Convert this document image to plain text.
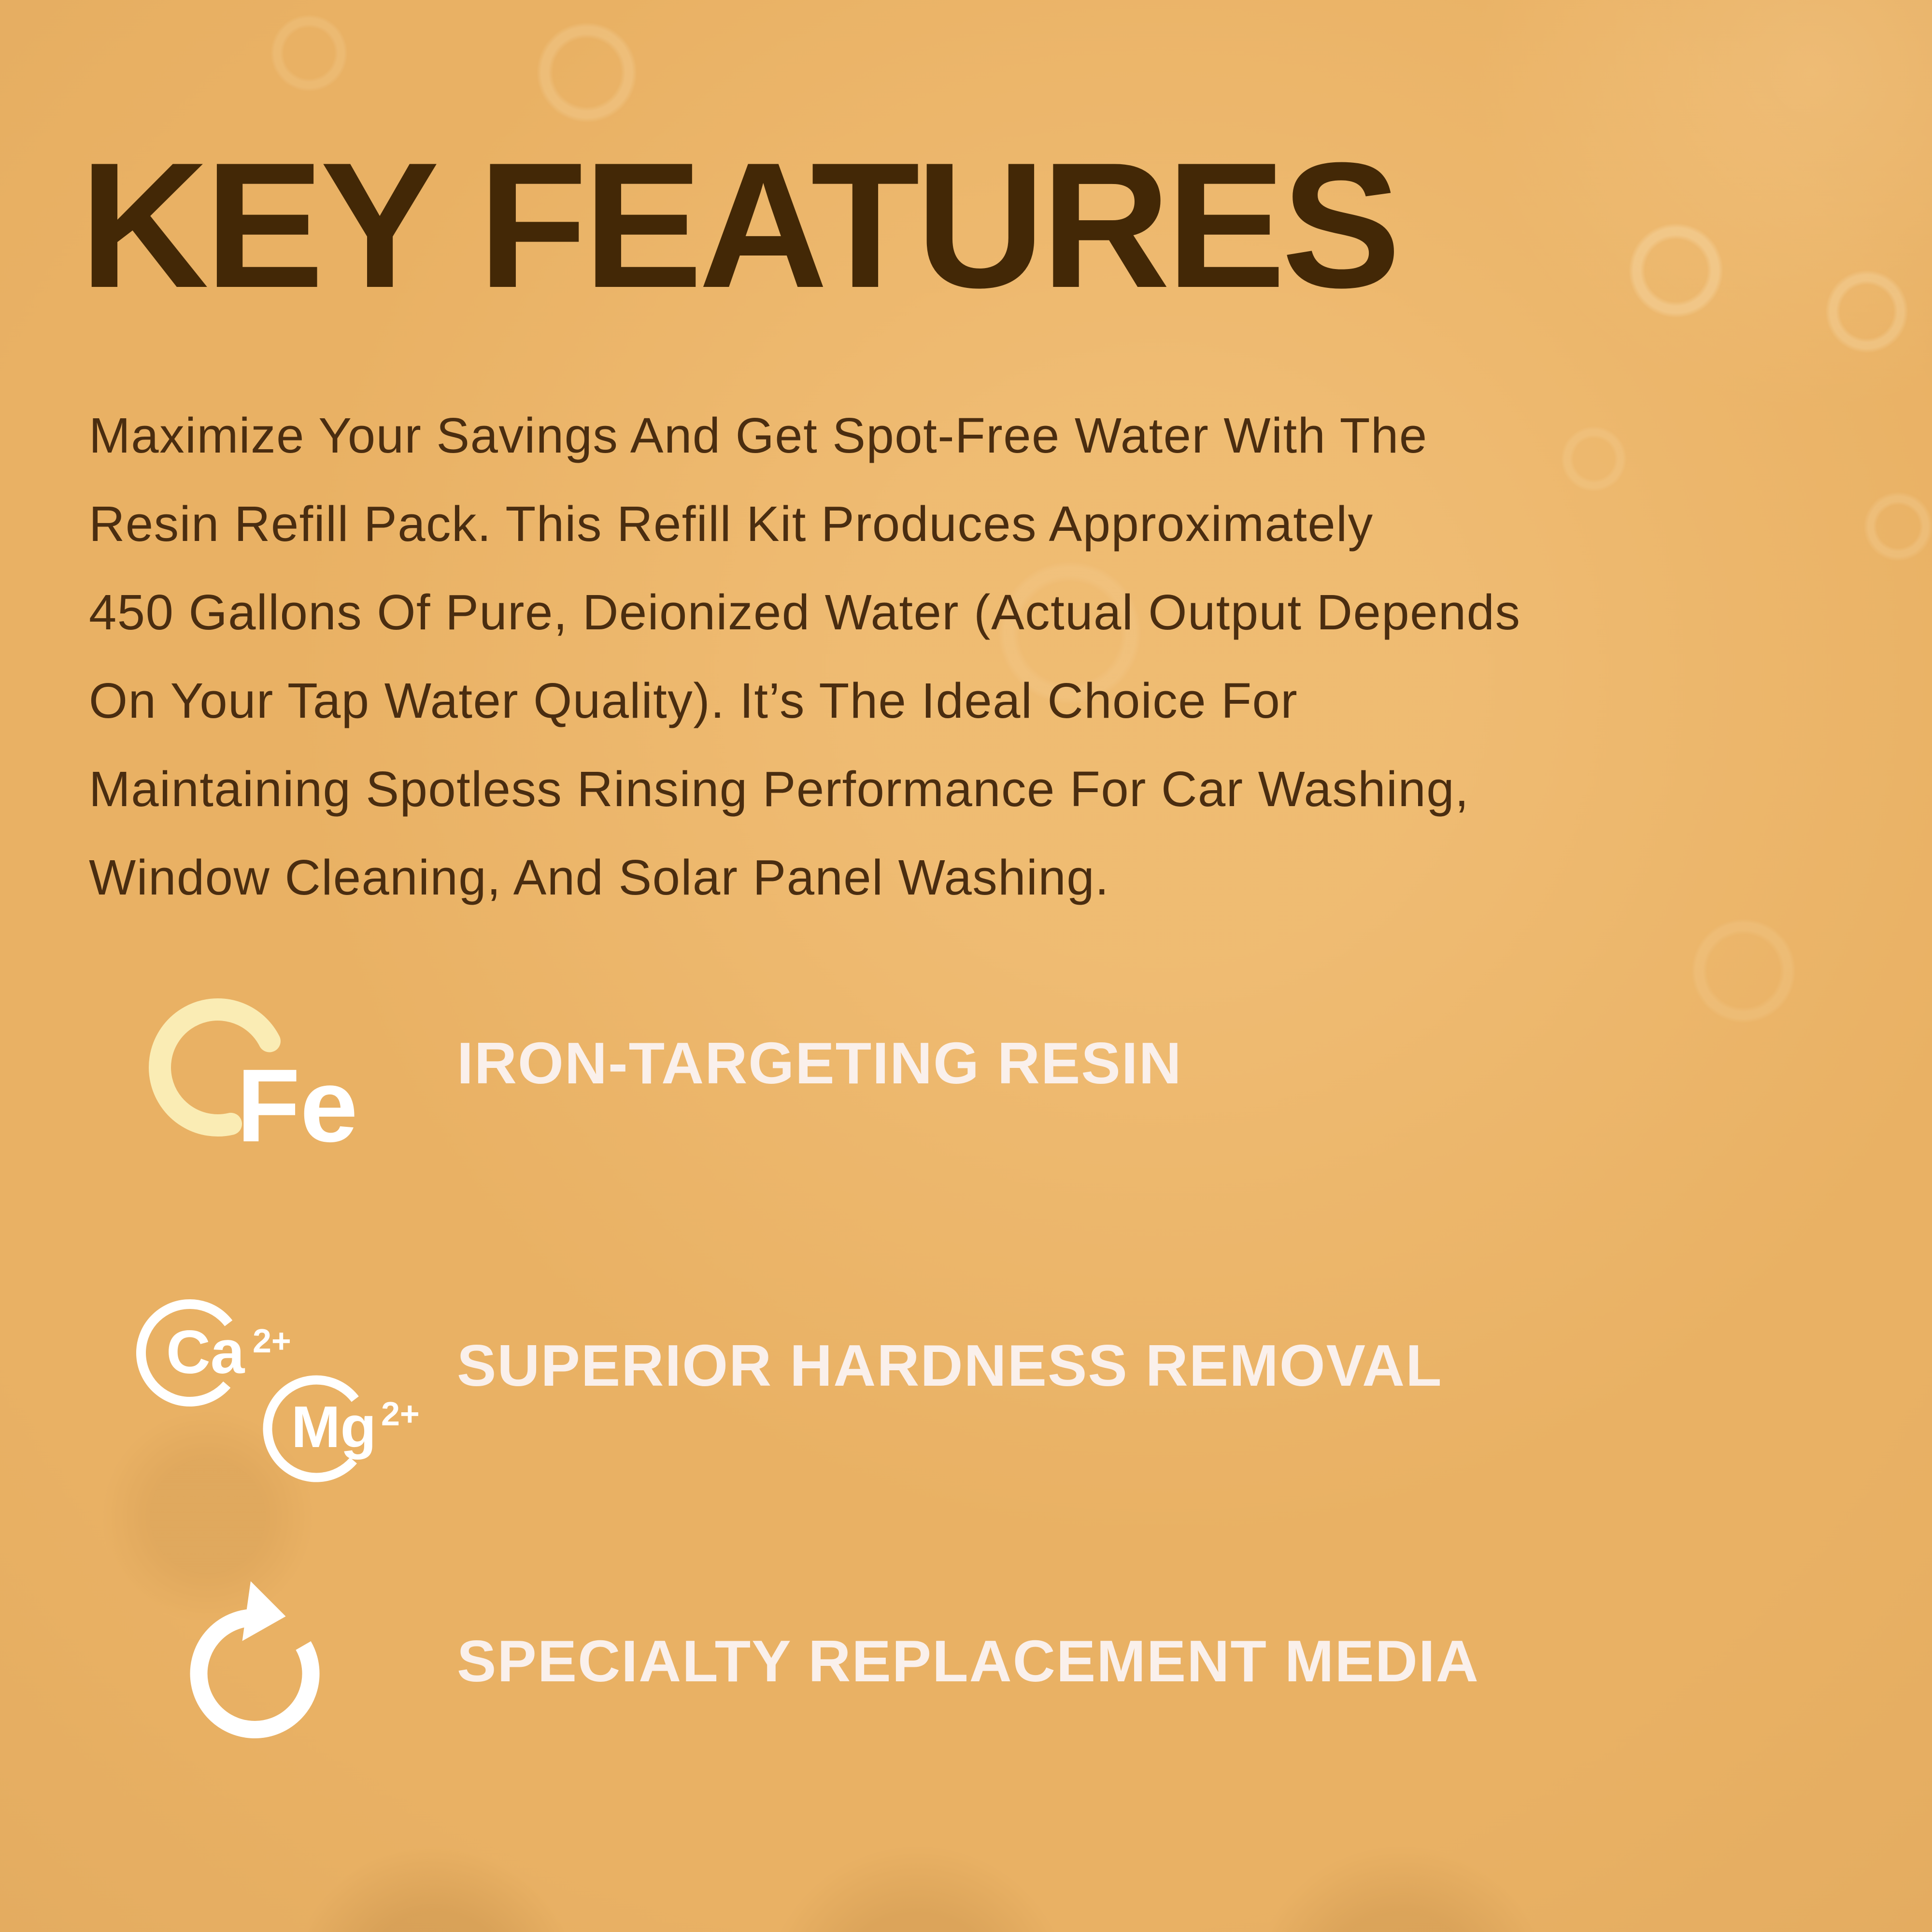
KEY FEATURES
Maximize Your Savings And Get Spot-Free Water With The
Resin Refill Pack. This Refill Kit Produces Approximately
450 Gallons Of Pure, Deionized Water (Actual Output Depends
On Your Tap Water Quality). It’s The Ideal Choice For
Maintaining Spotless Rinsing Performance For Car Washing,
Window Cleaning, And Solar Panel Washing.
Fe IRON-TARGETING RESIN
Ca 2+
Mg 2+
SUPERIOR HARDNESS REMOVAL
SPECIALTY REPLACEMENT MEDIA
